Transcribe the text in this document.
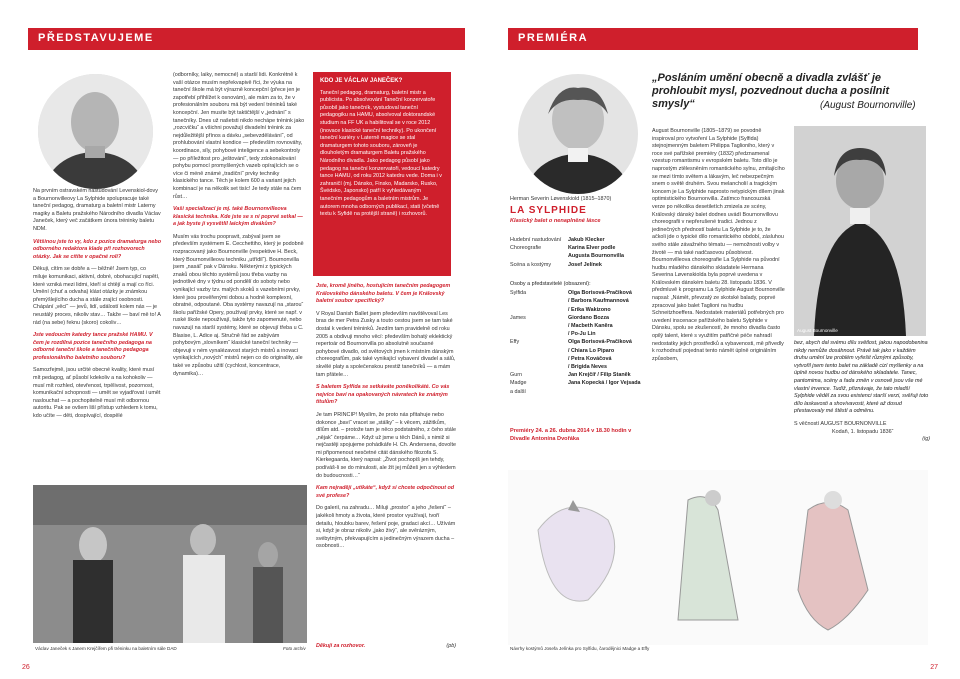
PŘEDSTAVUJEME

Na prvním ostravském nastudování Levenskiol-dovy a Bournonvilleovy La Sylphide spolupracuje také taneční pedagog, dramaturg a baletní mistr Laterny magiky a Baletu pražského Národního divadla Václav Janeček, který več začátkem února tréninky baletu NDM.

Většinou jste to vy, kdo z pozice dramaturga nebo odborného redaktora klade při rozhovorech otázky. Jak se cítíte v opačné roli?

Děkuji, cítím se dobře a — běžně! Jsem typ, co miluje komunikaci, aktivní, dobré, obohacující napětí, které vzniká mezi lidmi, kteří si chtějí a mají co říci. Umění (chuť a odvaha) klást otázky je známkou přemýšlejícího ducha a stále zrající osobnosti. Chápání „věcí“ — jevů, lidí, událostí kolem nás — je neustálý proces, nikoliv stav… Takže — baví mě to! A rád (na sebe) řeknu (skoro) cokoliv…

Jste vedoucím katedry tance pražské HAMU. V čem je rozdílná pozice tanečního pedagoga na odborné taneční škole a tanečního pedagoga profesionálního baletního souboru?

Samozřejmě, jsou určité obecné kvality, které musí mít pedagog, ať působí kdekoliv a na kohokoliv — musí mít rozhled, otevřenost, trpělivost, pozornost, komunikační schopnosti — umět se vyjadřovat i umět naslouchat — a pochopitelně musí mít odbornou autoritu. Pak se ovšem liší přístup vzhledem k tomu, kdo učíte — děti, dospívající, dospělé

(odborníky, laiky, nemocné) a starší lidi. Konkrétně k vaší otázce musím nepřekvapivě říci, že výuka na taneční škole má být výrazně koncepční (přece jen je zapotřebí přihlížet k osnovám), ale mám za to, že v profesionálním souboru má být vedení tréninků také koncepční. Jen musíte být taktičtější v „jednání“ s tanečníky. Dnes už našetsti nikdo nechápe trénink jako „rozcvičku“ a všichni považují divadelní trénink za nejdůležitější přínos a dávku „sebevzdělávání“, od prohlubování vlastní kondice — především rovnováhy, koordinace, síly, pohybové inteligence a sebekontroly — po příležitost pro „ještování“, tedy zdokonalování pohybu pomocí promyšlených vazeb opírajících se o více či méně známé „tradiční“ prvky techniky klasického tance. Těch je kolem 600 a variant jejich kombinací je na několik set tisíc! Je tedy stále na čem růst…

Vaši specializací je mj. také Bournonvilleova klasická technika. Kde jste se s ní poprvé setkal — a jak byste ji vysvětlil laickým divákům?

Musím vás trochu poopravit, zabýval jsem se především systémem E. Cecchettiho, který je podobně rozpracovaný jako Bournonville (respektive H. Beck, který Bournonvilleovu techniku „utřídil“). Bournonvilla jsem „nasál“ pak v Dánsku. Některými z typických znaků obou těchto systémů jsou třeba vazby na jednotlivé dny v týdnu od pondělí do soboty nebo vynikající vazby tzv. malých skoků s vazebními prvky, které jsou prověřenými dobou a hodně komplexní, obratné, odpoutané. Oba systémy navazují na „starou“ školu pařížské Opery, používají prvky, které se např. v ruské škole nepoužívají, takže tyto zapomenuté, nebo navazují na starší systémy, které se objevují třeba u C. Blasise, L. Adice aj. Stručně řád se zabývám pohybovým „slovníkem“ klasické taneční techniky — objevuji v ném vynalézavost starých mistrů a inovaci vynikajících „nových“ mistrů nejen co do originality, ale také ve způsobu užití (cychlost, koncentrace, dynamika)…

KDO JE VÁCLAV JANEČEK?
Taneční pedagog, dramaturg, baletní mistr a publicista. Po absolvování Taneční konzervatoře působil jako tanečník, vystudoval taneční pedagogiku na HAMU, absolvoval doktorandské studium na FF UK a habilitoval se v roce 2012 (inovace klasické taneční techniky). Po ukončení taneční kariéry v Laterně magice se stal dramaturgem tohoto souboru, zároveň je dlouholetým dramaturgem Baletu pražského Národního divadla. Jako pedagog působí jako pedagog na taneční konzervatoři, vedoucí katedry tance HAMU, od roku 2012 katedru vede. Doma i v zahraničí (mj. Dánsko, Finsko, Madarsko, Rusko, Švédsko, Japonsko) patří k vyhledávaným tanečním pedagogům a baletním mistrům. Je autorem mnoha odborných publikací, stati (včetně textu k Syfidě na protější straně) i rozhovorů.

Jste, kromě jiného, hostujícím tanečním pedagogem Královského dánského baletu. V čem je Královský baletní soubor specifický?

V Royal Danish Ballet jsem především navštěvoval Les bras de mer Petra Zusky a touto cestou jsem se tam také dostal k vedení tréninků. Jezdím tam pravidelně od roku 2005 a obdivuji mnoho věcí: především bohatý eklektický repertoár od Bournonvilla po absolutně současné pohybové divadlo, od světových jmen k místním dánským choreografům, pak také vynikající vybavení divadel a sálů, skvělé platy a společenskou prestiž tanečníků — a mám tam přátele…

S baletem Sylfida se setkáváte poněkolikáté. Co vás nejvíce baví na opakovaných návratech ke známým titulům?

Je tam PRINCIP! Myslím, že proto nás přitahuje nebo dokonce „baví“ vracet se „stálky“ – k věcem, zážitkům, dílům atd. – protože tam je něco podstatného, z čeho stále „nějak“ čerpáme… Když už jsme u těch Dánů, s nimiž si nejčastěji spojujeme pohádkáře H. Ch. Andersena, dovolte mi připomenout nesčetné citát dánského filozofa S. Kierkegaarda, který napsal: „Život pochopíš jen tehdy, podíváš-li se do minulosti, ale žít jej můžeš jen s výhledem do budoucnosti…“

Kam nejraději „utíkáte“, když si chcete odpočinout od své profese?

Do galerií, na zahradu… Miluji „prostor“ a jeho „řešení“ – jakékoli hmoty a života, které prostor využívají, tvoří detailu, hloubku barev, řešení poje, gradaci akcí… Užívám si, když je obraz nikoliv „jako živý“, ale svěrázným, svébytným, překvapujícím a jedinečným výrazem ducha – osobnosti…

Václav Janeček s Janem Krejčířem při tréninku na baletním sále DAD	Foto archiv Děkuji za rozhovor.	(pb)
26
PREMIÉRA
„Posláním umění obecně a divadla zvlášť je prohloubit mysl, pozvednout ducha a posílnit smysly“	(August Bournonville)
Herman Severin Løvenskiold (1815–1870)
LA SYLPHIDE
Klasický balet o nenaplněné lásce
Hudební nastudování	Jakub Klecker
Choreografie	Karina Elver podle
Augusta Bournonvilla
Scéna a kostýmy	Josef Jelínek
Osoby a představitelé (obsazení):
Sylfida	Olga Borisová-Pračiková
/ Barbora Kaufmannová
/ Erika Wakizono
James	Giordano Bozza
/ Macbeth Kaněra
/ Po-Ju Lin
Effy	Olga Borisová-Pračiková
/ Chiara Lo Piparo
/ Petra Kováčová
/ Brigida Neves
Gurn	Jan Krejčíř / Filip Staněk
Madge	Jana Kopecká / Igor Vejsada
a další
Premiéry 24. a 26. dubna 2014 v 18.30 hodin v Divadle Antonína Dvořáka

August Bournonville (1805–1879) se povodně inspiroval pro vytvoření La Sylphide (Sylfida) stejnojmenným baletem Philippa Taglioniho, který v roce své pařížské premiéry (1832) předznamenal vzestup romantismu v evropském baletu. Toto dílo je naprostým ztělesněním romantického sylnu, zmítajícího se mezi tímto světem a lákavým, leč nebezpečným snem o světě druhém. Svou melancholií a tragickým koncem je La Sylphide naprosto netypickým dílem jinak optimistického Bournonvilla. Zatímco francouzská verze po několika desetiletích zmizela ze scény, Královský dánský balet dodnes uvádí Bournonvillovu choreografii v nepřerušené tradici. Jednou z jedinečných předností baletu La Sylphide je to, že ačkoli jde o typické dílo romantického období, zásluhou svého stále závažného tématu — nemožnosti volby v životě — má také nadčasovou působivost. Bournonvilleova choreografie La Sylphide na původní hudbu mladého dánského skladatele Hermana Severina Løvenskiolda byla poprvé uvedena v Královském dánském baletu 28. listopadu 1836. V předmluvě k programu La Sylphide August Bournonville napsal: „Námět, převzatý ze skotské balady, poprvé zpracoval jako balet Taglioni na hudbu Schneitzhoeffera. Nedostatek materiálů potřebných pro uvedení inscenace pařížského baletu Sylphide v Dánsku, spolu se zkušeností, že mnoho divadla často opilý talent, které s využitím patřičné péče nahradí nedostatky jejich prostředků a vybavenosti, mě přivedly k rozhodnutí pojednat tento námět úplně originálním způsobem,

August Bournonville

bez, abych dal svému dílu světlost, jakou napodobenina nikdy nemůže dosáhnout. Právě tak jako v každém druhu umění lze problém vyřešit různými způsoby, vytvořil jsem tento balet na základě cizí myšlenky a na úplně novou hudbu od dánského skladatele. Tanec, pantomima, scény a řada změn v osnově jsou vše mé vlastní invence. Tudíž, přiznávaje, že tato mladší Sylphide věděl za svou existenci starší verzi, svěřuji toto dílo laskavosti a shovívavosti, které až dosud přestavovaly mé štěstí a odměnu.

S věčností AUGUST BOURNONVILLE

Kodaň, 1. listopadu 1836“

(ig)

Návrhy kostýmů Josefa Jelínka pro Sylfidu, čarodějnici Madge a Effy
27
